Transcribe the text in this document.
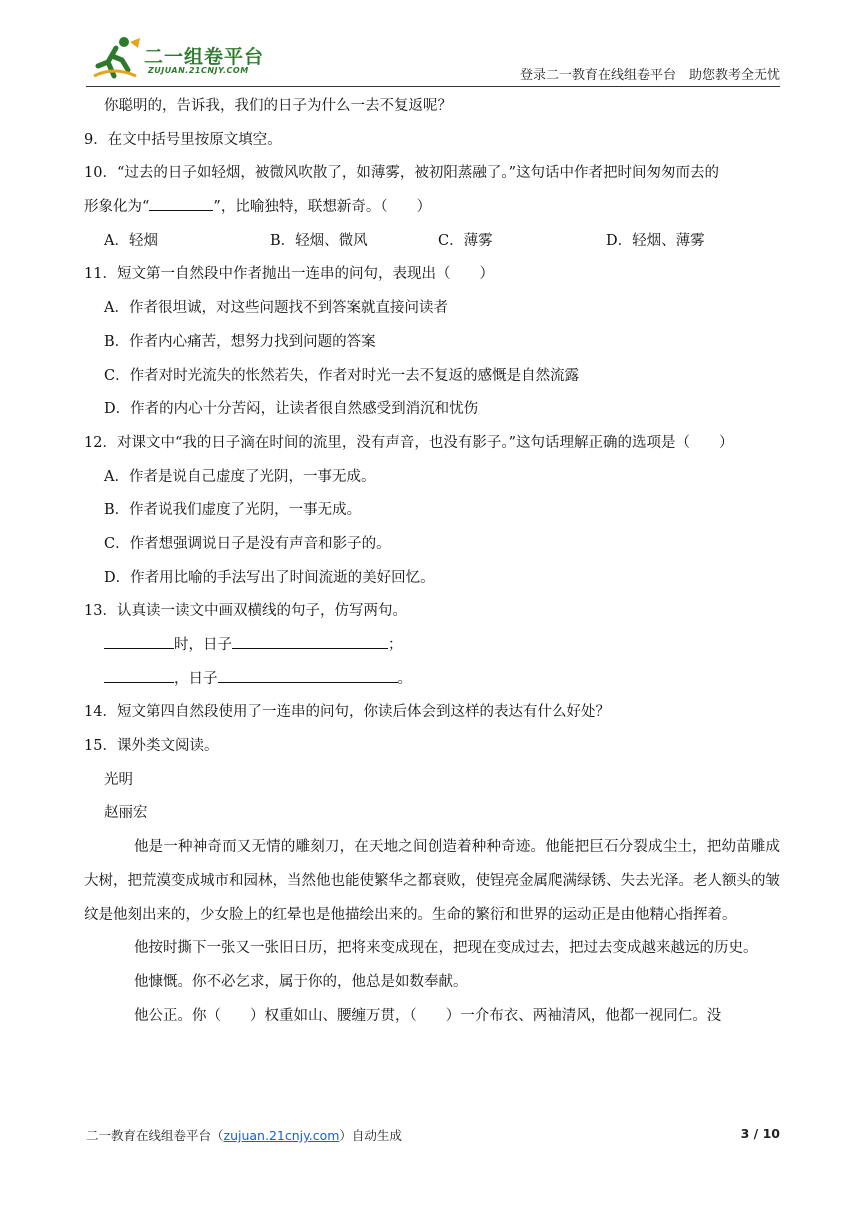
二一组卷平台
ZUJUAN.21CNJY.COM	登录二一教育在线组卷平台　助您教考全无忧
你聪明的，告诉我，我们的日子为什么一去不复返呢？
9．在文中括号里按原文填空。
10．“过去的日子如轻烟，被微风吹散了，如薄雾，被初阳蒸融了。”这句话中作者把时间匆匆而去的
形象化为“	”，比喻独特，联想新奇。（　　）
A．轻烟	B．轻烟、微风	C．薄雾	D．轻烟、薄雾
11．短文第一自然段中作者抛出一连串的问句，表现出（　　）
A．作者很坦诚，对这些问题找不到答案就直接问读者
B．作者内心痛苦，想努力找到问题的答案
C．作者对时光流失的怅然若失，作者对时光一去不复返的感慨是自然流露
D．作者的内心十分苦闷，让读者很自然感受到消沉和忧伤
12．对课文中“我的日子滴在时间的流里，没有声音，也没有影子。”这句话理解正确的选项是（　　）
A．作者是说自己虚度了光阴，一事无成。
B．作者说我们虚度了光阴，一事无成。
C．作者想强调说日子是没有声音和影子的。
D．作者用比喻的手法写出了时间流逝的美好回忆。
13．认真读一读文中画双横线的句子，仿写两句。
时，日子	；
，日子	。
14．短文第四自然段使用了一连串的问句，你读后体会到这样的表达有什么好处？
15．课外类文阅读。
光明
赵丽宏
他是一种神奇而又无情的雕刻刀，在天地之间创造着种种奇迹。他能把巨石分裂成尘土，把幼苗雕成大树，把荒漠变成城市和园林，当然他也能使繁华之都衰败，使锃亮金属爬满绿锈、失去光泽。老人额头的皱纹是他刻出来的，少女脸上的红晕也是他描绘出来的。生命的繁衍和世界的运动正是由他精心指挥着。
他按时撕下一张又一张旧日历，把将来变成现在，把现在变成过去，把过去变成越来越远的历史。
他慷慨。你不必乞求，属于你的，他总是如数奉献。
他公正。你（　　）权重如山、腰缠万贯，（　　）一介布衣、两袖清风，他都一视同仁。没
二一教育在线组卷平台（zujuan.21cnjy.com）自动生成	3 / 10
